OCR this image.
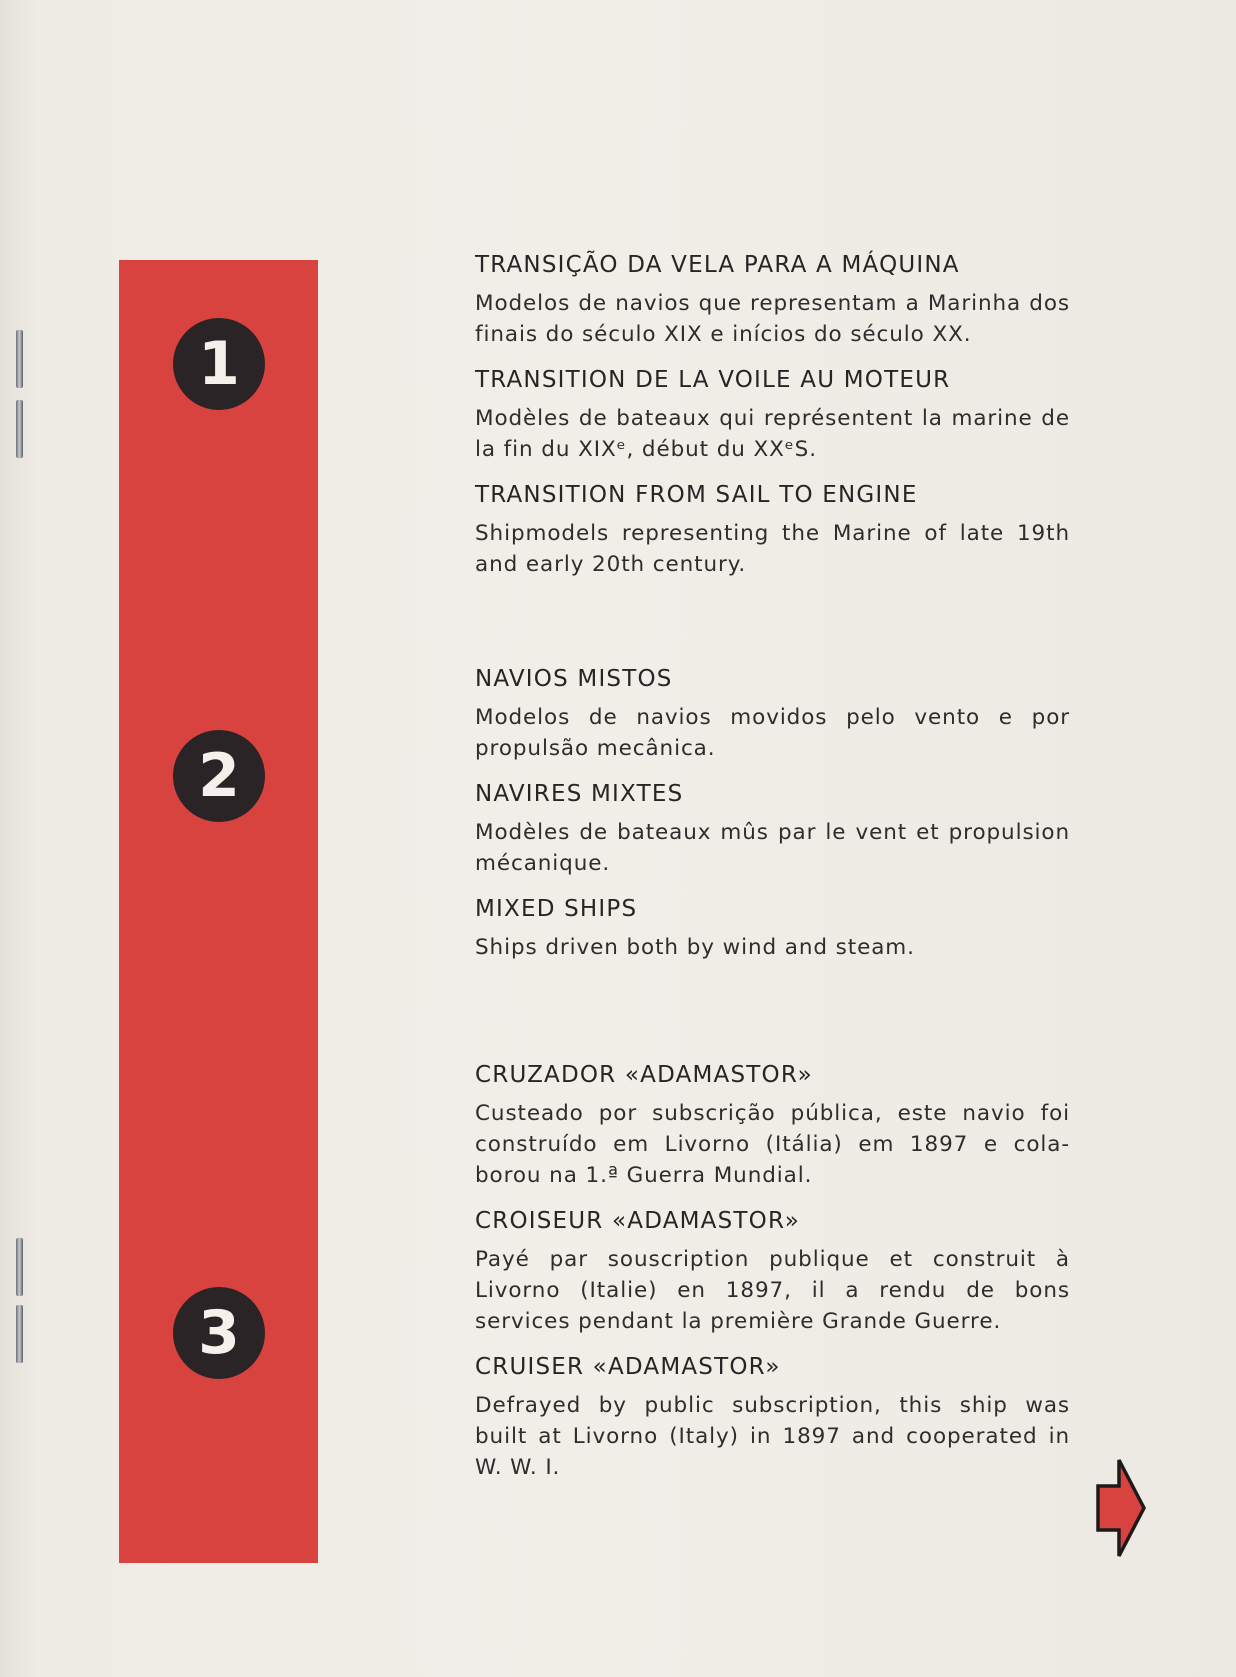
1
2
3
TRANSIÇÃO DA VELA PARA A MÁQUINA
Modelos de navios que representam a Marinha dos finais do século XIX e inícios do século XX.
TRANSITION DE LA VOILE AU MOTEUR
Modèles de bateaux qui représentent la marine de la fin du XIXᵉ, début du XXᵉS.
TRANSITION FROM SAIL TO ENGINE
Shipmodels representing the Marine of late 19th and early 20th century.
NAVIOS MISTOS
Modelos de navios movidos pelo vento e por propulsão mecânica.
NAVIRES MIXTES
Modèles de bateaux mûs par le vent et propulsion mécanique.
MIXED SHIPS
Ships driven both by wind and steam.
CRUZADOR «ADAMASTOR»
Custeado por subscrição pública, este navio foi construído em Livorno (Itália) em 1897 e cola-borou na 1.ª Guerra Mundial.
CROISEUR «ADAMASTOR»
Payé par souscription publique et construit à Livorno (Italie) en 1897, il a rendu de bons services pendant la première Grande Guerre.
CRUISER «ADAMASTOR»
Defrayed by public subscription, this ship was built at Livorno (Italy) in 1897 and cooperated in W. W. I.
